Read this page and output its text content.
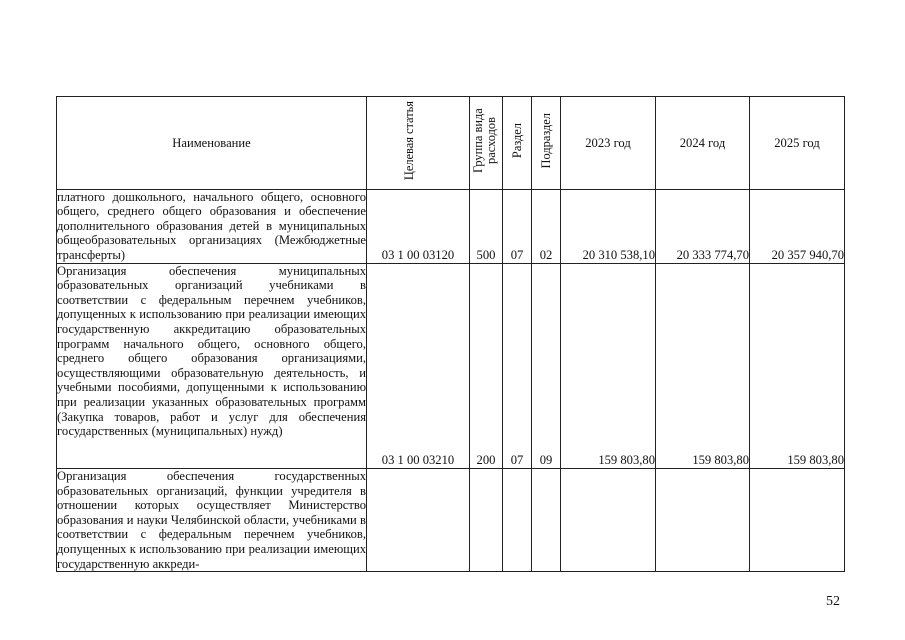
Наименование	Целевая статья	Группа вида расходов	Раздел	Подраздел	2023 год	2024 год	2025 год
платного дошкольного, начального общего, основного общего, среднего общего образования и обеспечение дополнительного образования детей в муниципальных общеобразовательных организациях (Межбюджетные трансферты)	03 1 00 03120	500	07	02	20 310 538,10	20 333 774,70	20 357 940,70

Организация обеспечения муниципальных образовательных организаций учебниками в соответствии с федеральным перечнем учебников, допущенных к использованию при реализации имеющих государственную аккредитацию образовательных программ начального общего, основного общего, среднего общего образования организациями, осуществляющими образовательную деятельность, и учебными пособиями, допущенными к использованию при реализации указанных образовательных программ (Закупка товаров, работ и услуг для обеспечения государственных (муниципальных) нужд)	03 1 00 03210	200	07	09	159 803,80	159 803,80	159 803,80

Организация обеспечения государственных образовательных организаций, функции учредителя в отношении которых осуществляет Министерство образования и науки Челябинской области, учебниками в соответствии с федеральным перечнем учебников, допущенных к использованию при реализации имеющих государственную аккреди-							
52
